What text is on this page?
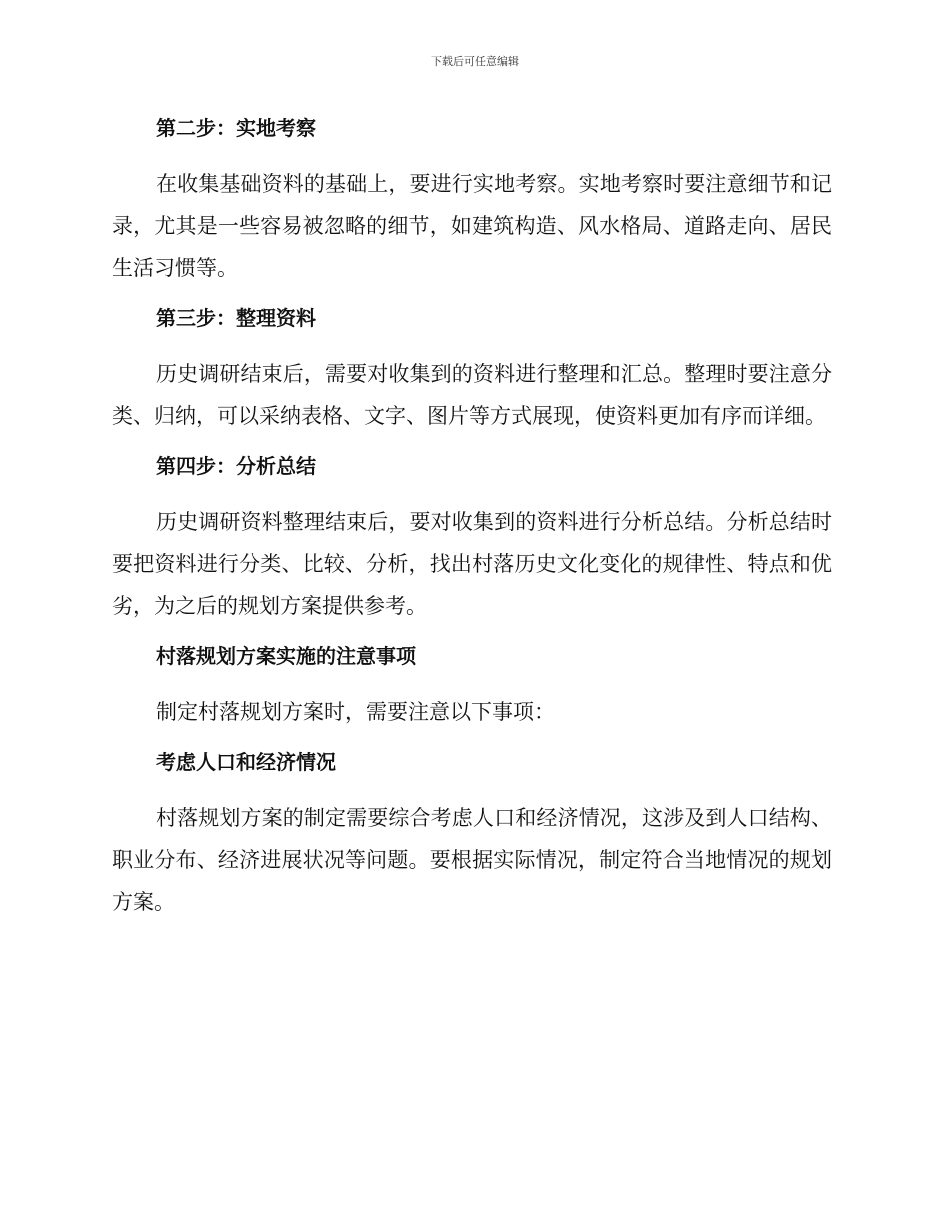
下载后可任意编辑
第二步：实地考察

在收集基础资料的基础上，要进行实地考察。实地考察时要注意细节和记录，尤其是一些容易被忽略的细节，如建筑构造、风水格局、道路走向、居民生活习惯等。

第三步：整理资料

历史调研结束后，需要对收集到的资料进行整理和汇总。整理时要注意分类、归纳，可以采纳表格、文字、图片等方式展现，使资料更加有序而详细。

第四步：分析总结

历史调研资料整理结束后，要对收集到的资料进行分析总结。分析总结时要把资料进行分类、比较、分析，找出村落历史文化变化的规律性、特点和优劣，为之后的规划方案提供参考。

村落规划方案实施的注意事项

制定村落规划方案时，需要注意以下事项：

考虑人口和经济情况

村落规划方案的制定需要综合考虑人口和经济情况，这涉及到人口结构、职业分布、经济进展状况等问题。要根据实际情况，制定符合当地情况的规划方案。
